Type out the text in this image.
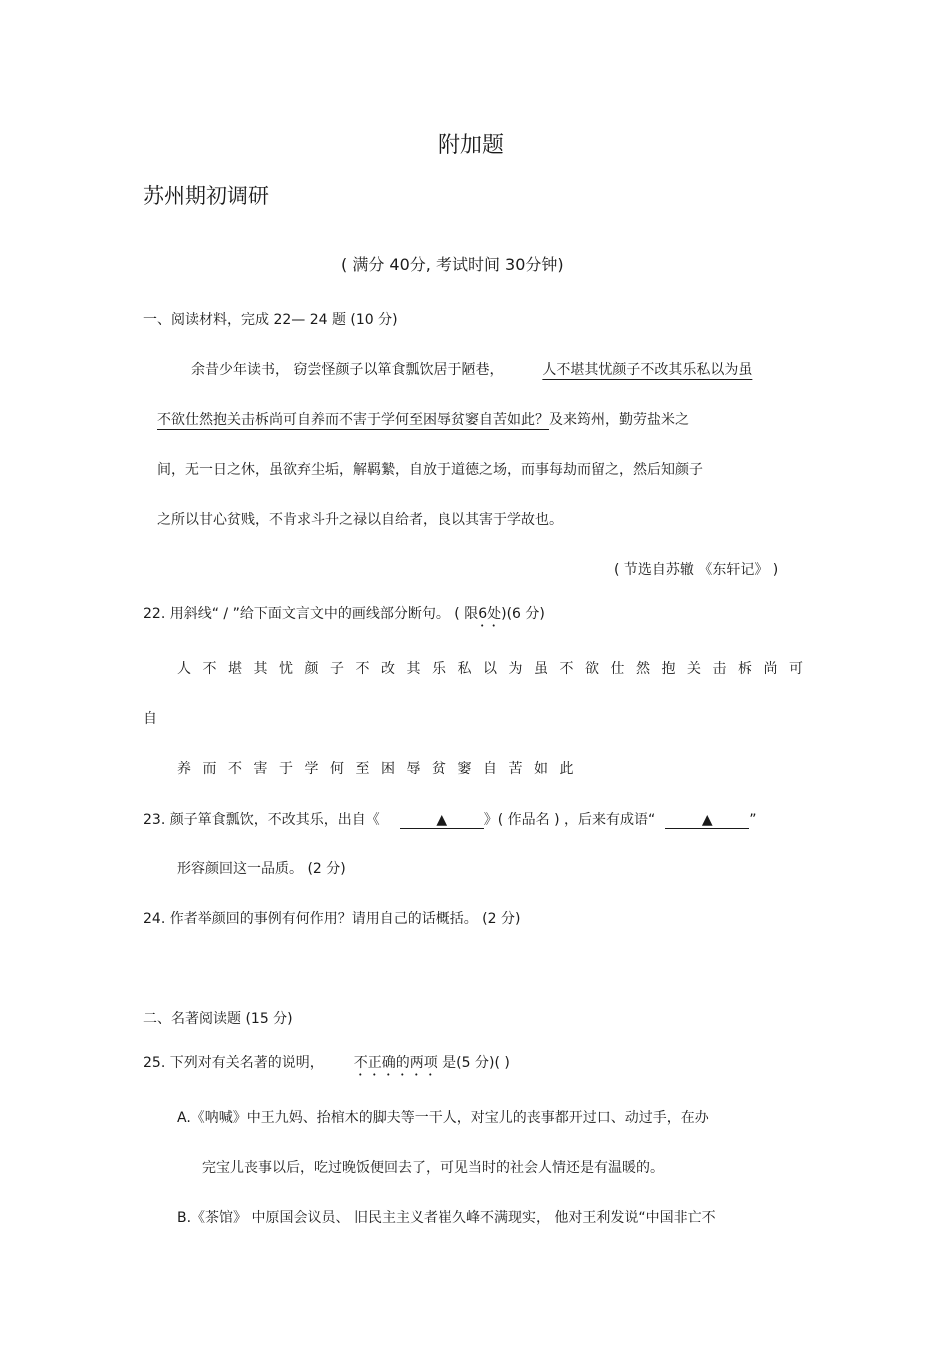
附加题
苏州期初调研
( 满分 40分, 考试时间 30分钟)
一、阅读材料，完成 22— 24 题 (10 分)
余昔少年读书， 窃尝怪颜子以箪食瓢饮居于陋巷，	人不堪其忧颜子不改其乐私以为虽
不欲仕然抱关击柝尚可自养而不害于学何至困辱贫窭自苦如此？及来筠州，勤劳盐米之
间，无一日之休，虽欲弃尘垢，解羁縶，自放于道德之场，而事每劫而留之，然后知颜子
之所以甘心贫贱，不肯求斗升之禄以自给者，良以其害于学故也。
( 节选自苏辙 《东轩记》 )
22. 用斜线“ / ”给下面文言文中的画线部分断句。 ( 限6处)(6 分)
人不堪其忧颜子不改其乐私以为虽不欲仕然抱关击柝尚可
自
养而不害于学何至困辱贫窭自苦如此
23. 颜子箪食瓢饮，不改其乐，出自《	▲	》( 作品名 ) ，后来有成语“	▲	”
形容颜回这一品质。 (2 分)
24. 作者举颜回的事例有何作用？请用自己的话概括。 (2 分)
二、名著阅读题 (15 分)
25. 下列对有关名著的说明， 不正确的两项 是(5 分)( )
A.《呐喊》中王九妈、抬棺木的脚夫等一干人，对宝儿的丧事都开过口、动过手，在办
完宝儿丧事以后，吃过晚饭便回去了，可见当时的社会人情还是有温暖的。
B.《茶馆》 中原国会议员、 旧民主主义者崔久峰不满现实， 他对王利发说“中国非亡不
